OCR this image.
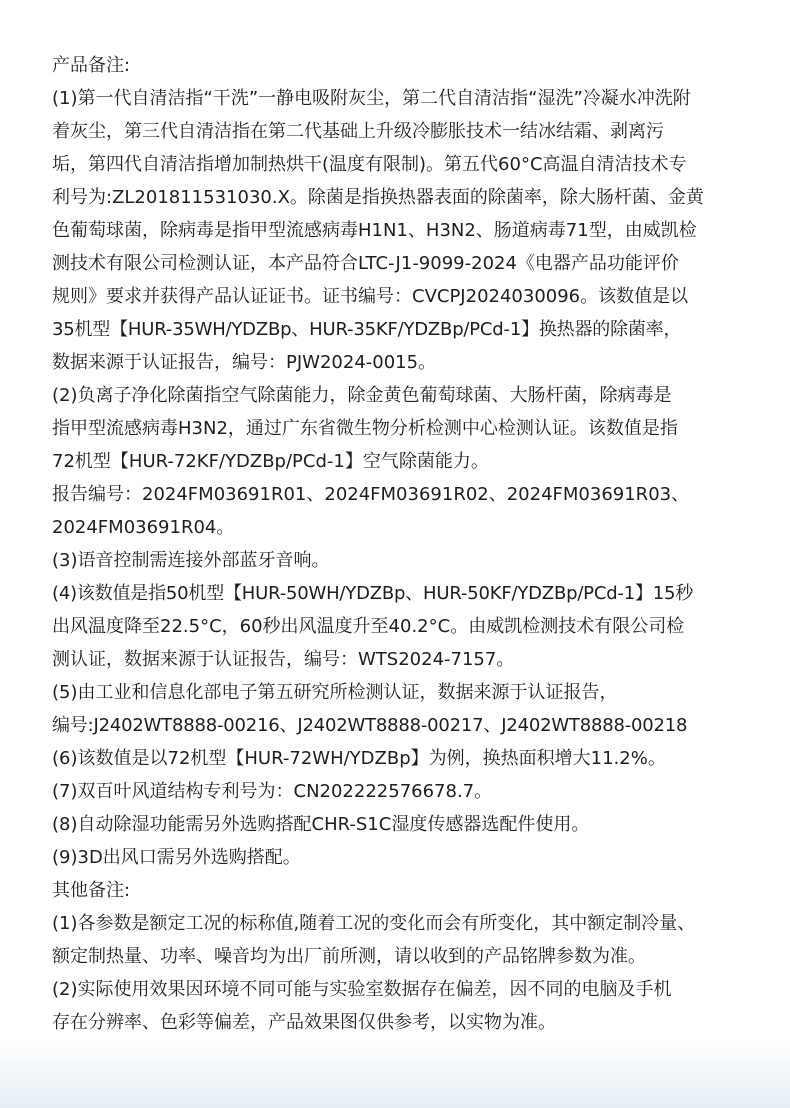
产品备注:
(1)第一代自清洁指“干洗”一静电吸附灰尘，第二代自清洁指“湿洗”冷凝水冲洗附
着灰尘，第三代自清洁指在第二代基础上升级冷膨胀技术一结冰结霜、剥离污
垢，第四代自清洁指增加制热烘干(温度有限制)。第五代60°C高温自清洁技术专
利号为:ZL201811531030.X。除菌是指换热器表面的除菌率，除大肠杆菌、金黄
色葡萄球菌，除病毒是指甲型流感病毒H1N1、H3N2、肠道病毒71型，由威凯检
测技术有限公司检测认证，本产品符合LTC-J1-9099-2024《电器产品功能评价
规则》要求并获得产品认证证书。证书编号：CVCPJ2024030096。该数值是以
35机型【HUR-35WH/YDZBp、HUR-35KF/YDZBp/PCd-1】换热器的除菌率，
数据来源于认证报告，编号：PJW2024-0015。
(2)负离子净化除菌指空气除菌能力，除金黄色葡萄球菌、大肠杆菌，除病毒是
指甲型流感病毒H3N2，通过广东省微生物分析检测中心检测认证。该数值是指
72机型【HUR-72KF/YDZBp/PCd-1】空气除菌能力。
报告编号：2024FM03691R01、2024FM03691R02、2024FM03691R03、
2024FM03691R04。
(3)语音控制需连接外部蓝牙音响。
(4)该数值是指50机型【HUR-50WH/YDZBp、HUR-50KF/YDZBp/PCd-1】15秒
出风温度降至22.5°C，60秒出风温度升至40.2°C。由威凯检测技术有限公司检
测认证，数据来源于认证报告，编号：WTS2024-7157。
(5)由工业和信息化部电子第五研究所检测认证，数据来源于认证报告，
编号:J2402WT8888-00216、J2402WT8888-00217、J2402WT8888-00218
(6)该数值是以72机型【HUR-72WH/YDZBp】为例，换热面积增大11.2%。
(7)双百叶风道结构专利号为：CN202222576678.7。
(8)自动除湿功能需另外选购搭配CHR-S1C湿度传感器选配件使用。
(9)3D出风口需另外选购搭配。
其他备注:
(1)各参数是额定工况的标称值,随着工况的变化而会有所变化，其中额定制冷量、
额定制热量、功率、噪音均为出厂前所测，请以收到的产品铭牌参数为准。
(2)实际使用效果因环境不同可能与实验室数据存在偏差，因不同的电脑及手机
存在分辨率、色彩等偏差，产品效果图仅供参考，以实物为准。
